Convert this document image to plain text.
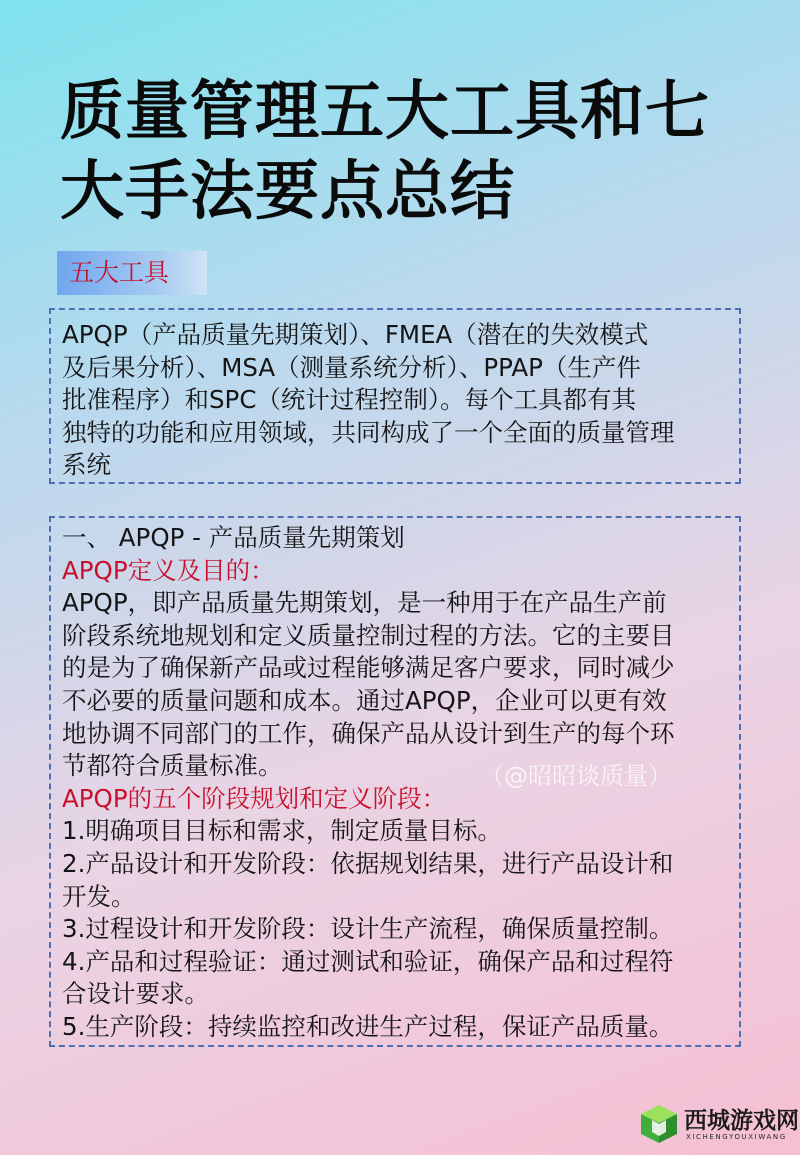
质量管理五大工具和七
大手法要点总结
五大工具

APQP（产品质量先期策划）、FMEA（潜在的失效模式
及后果分析）、MSA（测量系统分析）、PPAP（生产件
批准程序）和SPC（统计过程控制）。每个工具都有其
独特的功能和应用领域，共同构成了一个全面的质量管理
系统

一、 APQP - 产品质量先期策划

APQP定义及目的：

APQP，即产品质量先期策划，是一种用于在产品生产前
阶段系统地规划和定义质量控制过程的方法。它的主要目
的是为了确保新产品或过程能够满足客户要求，同时减少
不必要的质量问题和成本。通过APQP，企业可以更有效
地协调不同部门的工作，确保产品从设计到生产的每个环
节都符合质量标准。

APQP的五个阶段规划和定义阶段：

1.明确项目目标和需求，制定质量目标。

2.产品设计和开发阶段：依据规划结果，进行产品设计和
开发。

3.过程设计和开发阶段：设计生产流程，确保质量控制。

4.产品和过程验证：通过测试和验证，确保产品和过程符
合设计要求。

5.生产阶段：持续监控和改进生产过程，保证产品质量。

（@昭昭谈质量）
西城游戏网
XICHENGYOUXIWANG
